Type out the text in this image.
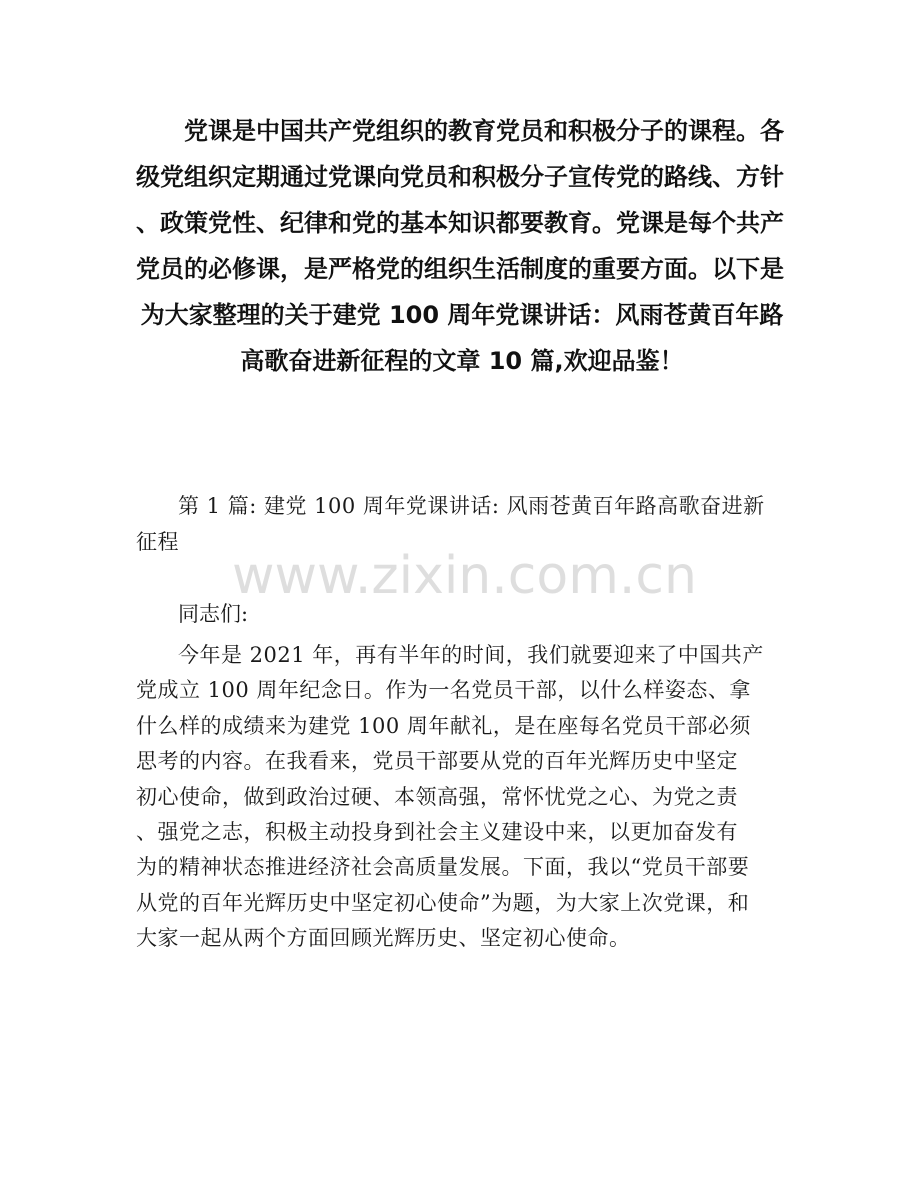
党课是中国共产党组织的教育党员和积极分子的课程。各

级党组织定期通过党课向党员和积极分子宣传党的路线、方针
、政策党性、纪律和党的基本知识都要教育。党课是每个共产
党员的必修课，是严格党的组织生活制度的重要方面。以下是

为大家整理的关于建党 100 周年党课讲话：风雨苍黄百年路
高歌奋进新征程的文章 10 篇,欢迎品鉴！

www.zixin.com.cn

第 1 篇: 建党 100 周年党课讲话: 风雨苍黄百年路高歌奋进新
征程

同志们:

今年是 2021 年，再有半年的时间，我们就要迎来了中国共产
党成立 100 周年纪念日。作为一名党员干部，以什么样姿态、拿
什么样的成绩来为建党 100 周年献礼，是在座每名党员干部必须
思考的内容。在我看来，党员干部要从党的百年光辉历史中坚定
初心使命，做到政治过硬、本领高强，常怀忧党之心、为党之责
、强党之志，积极主动投身到社会主义建设中来，以更加奋发有
为的精神状态推进经济社会高质量发展。下面，我以“党员干部要
从党的百年光辉历史中坚定初心使命”为题，为大家上次党课，和
大家一起从两个方面回顾光辉历史、坚定初心使命。
